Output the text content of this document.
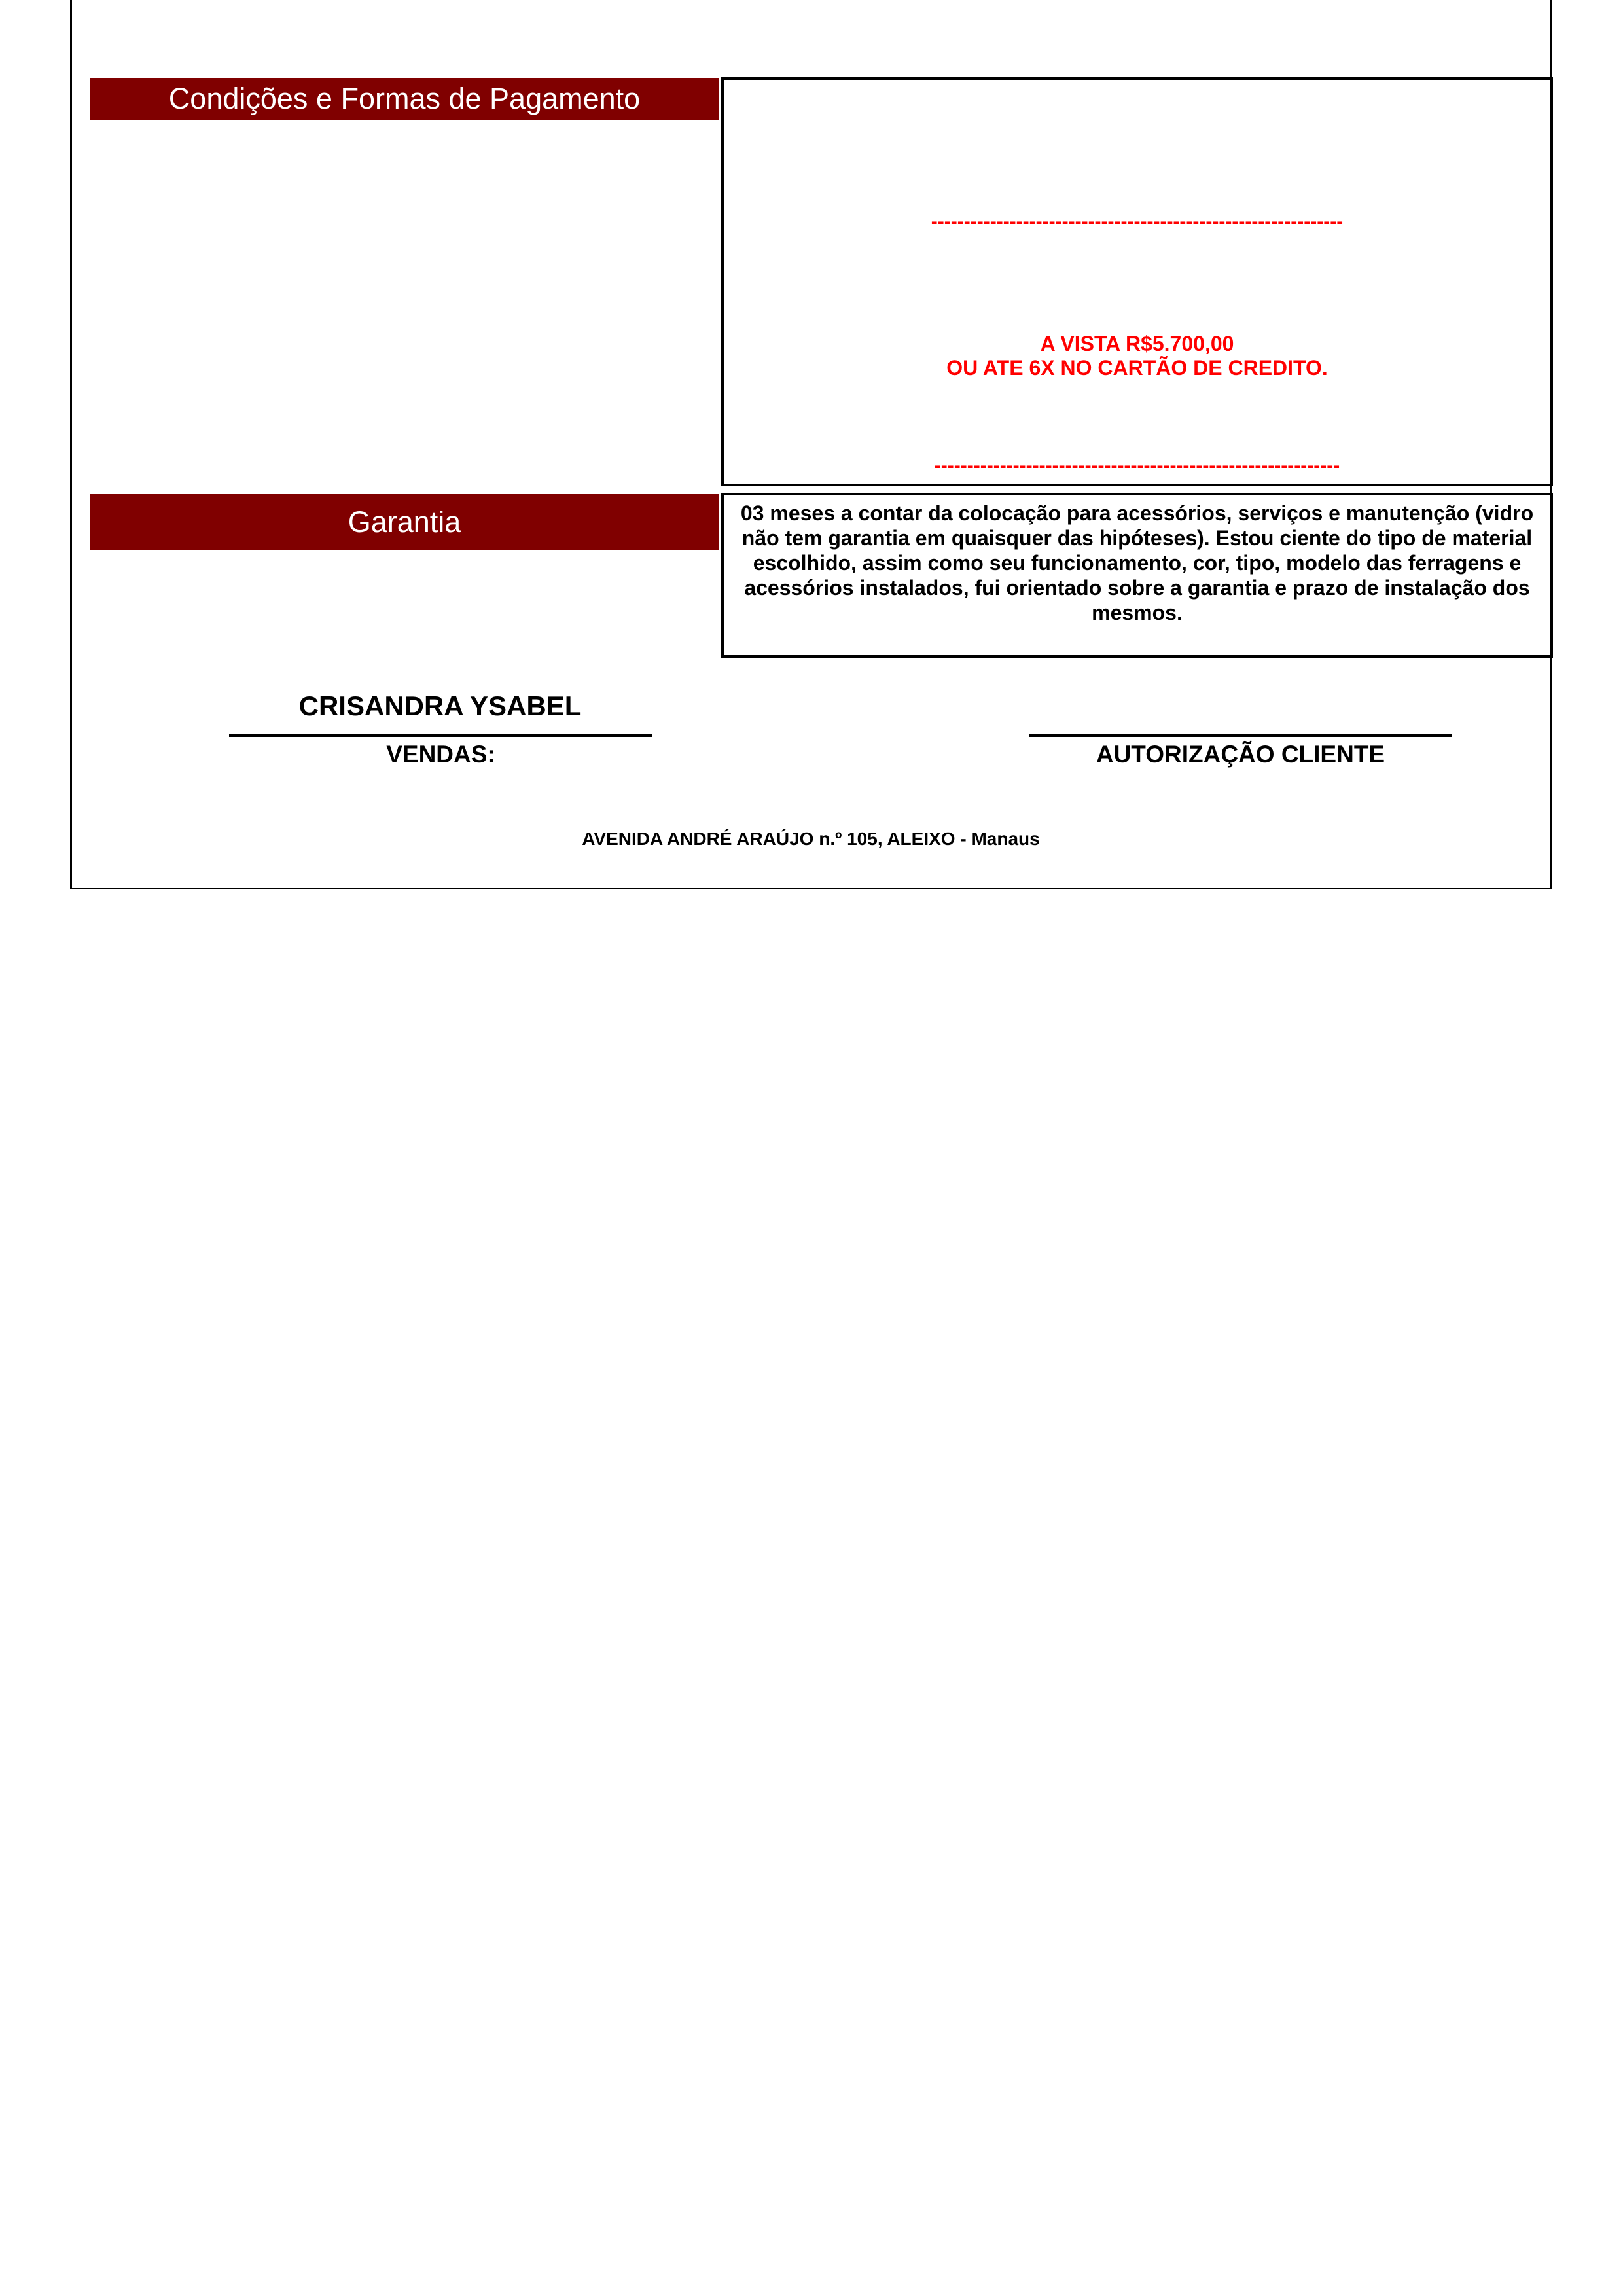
Condições e Formas de Pagamento
---------------------------------------------------------------
A VISTA R$5.700,00
OU ATE 6X NO CARTÃO DE CREDITO.
--------------------------------------------------------------
Garantia	03 meses a contar da colocação para acessórios, serviços e manutenção (vidro não tem garantia em quaisquer das hipóteses). Estou ciente do tipo de material escolhido, assim como seu funcionamento, cor, tipo, modelo das ferragens e acessórios instalados, fui orientado sobre a garantia e prazo de instalação dos mesmos.
CRISANDRA YSABEL
VENDAS:	AUTORIZAÇÃO CLIENTE
AVENIDA ANDRÉ ARAÚJO n.º 105, ALEIXO - Manaus
